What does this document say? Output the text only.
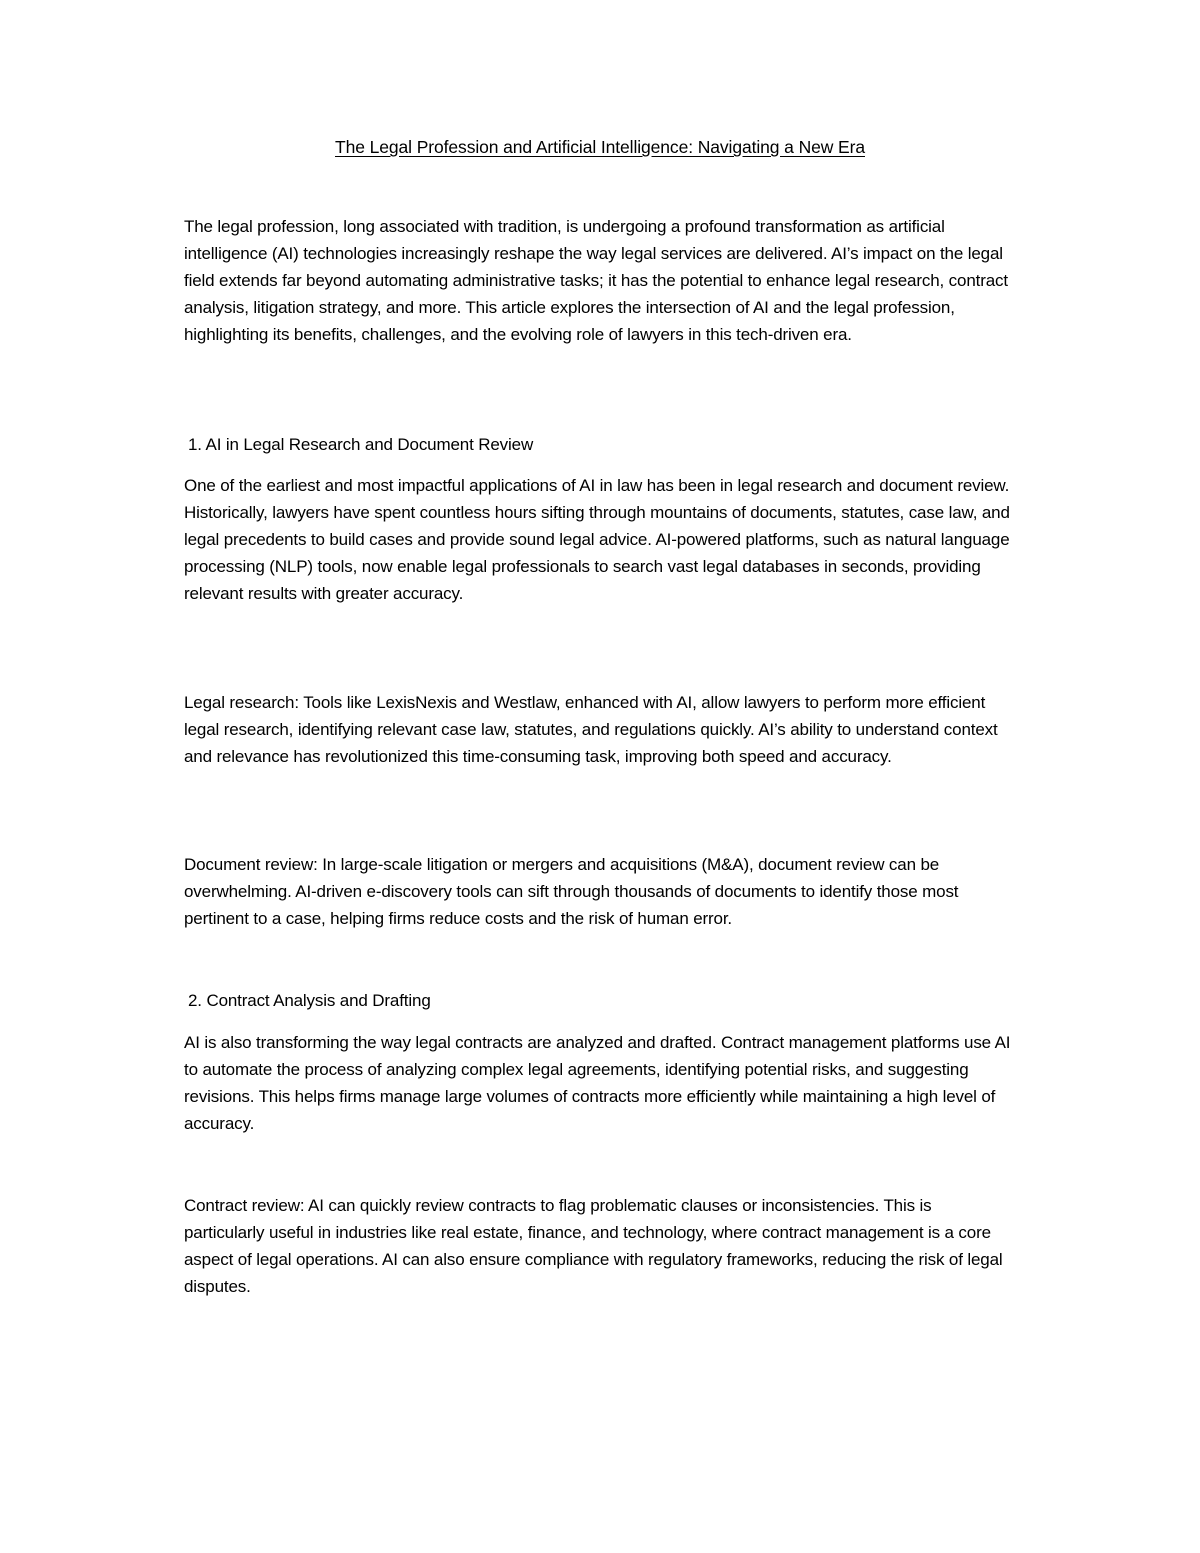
The Legal Profession and Artificial Intelligence: Navigating a New Era

The legal profession, long associated with tradition, is undergoing a profound transformation as artificial intelligence (AI) technologies increasingly reshape the way legal services are delivered. AI’s impact on the legal field extends far beyond automating administrative tasks; it has the potential to enhance legal research, contract analysis, litigation strategy, and more. This article explores the intersection of AI and the legal profession, highlighting its benefits, challenges, and the evolving role of lawyers in this tech-driven era.

1. AI in Legal Research and Document Review

One of the earliest and most impactful applications of AI in law has been in legal research and document review. Historically, lawyers have spent countless hours sifting through mountains of documents, statutes, case law, and legal precedents to build cases and provide sound legal advice. AI-powered platforms, such as natural language processing (NLP) tools, now enable legal professionals to search vast legal databases in seconds, providing relevant results with greater accuracy.

Legal research: Tools like LexisNexis and Westlaw, enhanced with AI, allow lawyers to perform more efficient legal research, identifying relevant case law, statutes, and regulations quickly. AI’s ability to understand context and relevance has revolutionized this time-consuming task, improving both speed and accuracy.

Document review: In large-scale litigation or mergers and acquisitions (M&A), document review can be overwhelming. AI-driven e-discovery tools can sift through thousands of documents to identify those most pertinent to a case, helping firms reduce costs and the risk of human error.

2. Contract Analysis and Drafting

AI is also transforming the way legal contracts are analyzed and drafted. Contract management platforms use AI to automate the process of analyzing complex legal agreements, identifying potential risks, and suggesting revisions. This helps firms manage large volumes of contracts more efficiently while maintaining a high level of accuracy.

Contract review: AI can quickly review contracts to flag problematic clauses or inconsistencies. This is particularly useful in industries like real estate, finance, and technology, where contract management is a core aspect of legal operations. AI can also ensure compliance with regulatory frameworks, reducing the risk of legal disputes.
